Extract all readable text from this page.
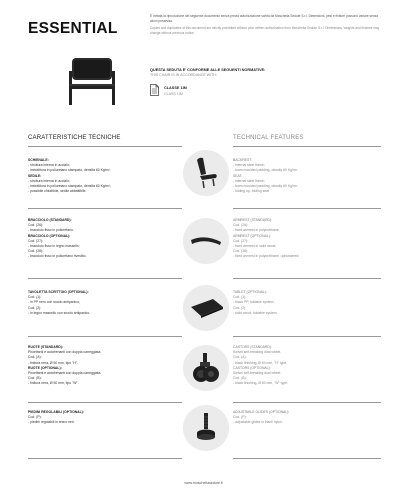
ESSENTIAL
È vietata la riproduzione del seguente documento senza previa autorizzazione scritta da Moschella Sedute S.r.l. Dimensioni, pesi e finiture possono variare senza alcun preavviso.
Copies and duplicates of this document are strictly prohibited without prior written authorisation from Moschella Sedute S.r.l. Dimensions, weights and finishes may change without previous notice.
QUESTA SEDUTA E' CONFORME ALLE SEGUENTI NORMATIVE:
THIS CHAIR IS IN ACCORDANCE WITH:
CLASSE 1IM
CLASS 1IM
CARATTERISTICHE TECNICHE	TECHNICAL FEATURES
SCHIENALE:
- struttura interna in acciaio;
- imbottitura in poliuretano stampato, densità 60 Kg/m³.
SEDILE:
- struttura interna in acciaio;
- imbottitura in poliuretano stampato, densità 60 Kg/m³;
- possibile chiudibile, sedile abbattibile.
BACKREST:
- internal steel frame;
- foam moulded padding, density 60 Kg/m³.
SEAT:
- internal steel frame;
- foam moulded padding, density 60 Kg/m³;
- folding up, folding seat.
BRACCIOLO (STANDARD):
Cod. (26):
- bracciolo fisso in poliuretano.
BRACCIOLO (OPTIONAL):
Cod. (27):
- bracciolo fisso in legno massello;
Cod. (28):
- bracciolo fisso in poliuretano rivestito.
ARMREST (STANDARD):
Cod. (26):
- fixed armrest in polyurethane.
ARMREST (OPTIONAL):
Cod. (27):
- fixed armrest in solid wood;
Cod. (28):
- fixed armrest in polyurethane, upholstered.
TAVOLETTA SCRITTOIO (OPTIONAL):
Cod. (1):
- in PP nero con snodo antipanico;
Cod. (2):
- in legno massello con snodo antipanico.
TABLET (OPTIONAL):
Cod. (1):
- black PP, foldable system;
Cod. (2):
- solid wood, foldable system.
RUOTE (STANDARD):
Piroettanti e autofrenanti con doppia carreggiata.
Cod. (A):
- finitura nera, Ø 50 mm, tipo "H".
RUOTE (OPTIONAL):
Piroettanti e autofrenanti con doppia carreggiata.
Cod. (B):
- finitura nera, Ø 50 mm, tipo "W".
CASTORS (STANDARD):
Swivel self-breaking dual wheel.
Cod. (A):
- black finishing, Ø 50 mm, "H" type.
CASTORS (OPTIONAL):
Swivel self-breaking dual wheel.
Cod. (B):
- black finishing, Ø 50 mm, "W" type.
PIEDINI REGOLABILI (OPTIONAL):
Cod. (P):
- piedini regolabili in tecno neri.
ADJUSTABLE GLIDES (OPTIONAL):
Cod. (P):
- adjustable glides in black nylon.
www.moschellasedute.it
